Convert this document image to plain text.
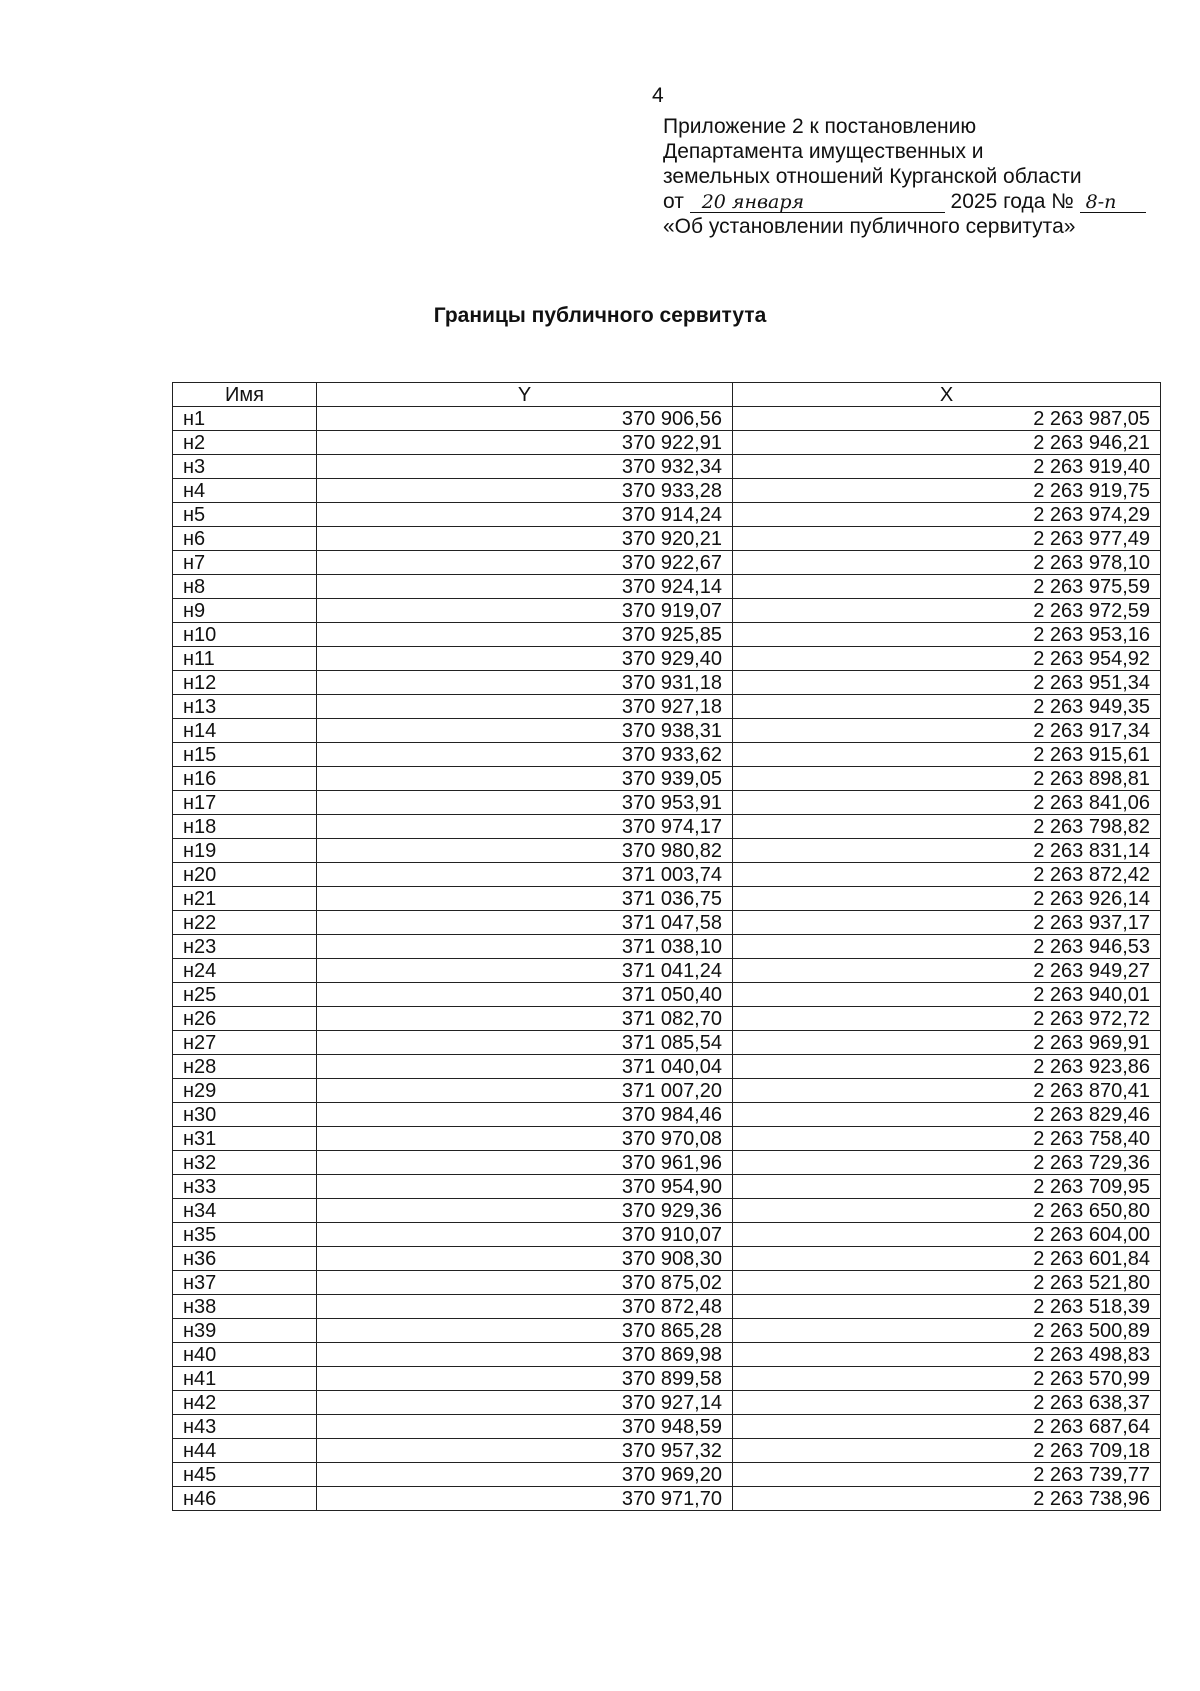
4
Приложение 2 к постановлению
Департамента имущественных и
земельных отношений Курганской области
от 20 января	2025 года № 8-п
«Об установлении публичного сервитута»
Границы публичного сервитута
Имя	Y	X
н1	370 906,56	2 263 987,05
н2	370 922,91	2 263 946,21
н3	370 932,34	2 263 919,40
н4	370 933,28	2 263 919,75
н5	370 914,24	2 263 974,29
н6	370 920,21	2 263 977,49
н7	370 922,67	2 263 978,10
н8	370 924,14	2 263 975,59
н9	370 919,07	2 263 972,59
н10	370 925,85	2 263 953,16
н11	370 929,40	2 263 954,92
н12	370 931,18	2 263 951,34
н13	370 927,18	2 263 949,35
н14	370 938,31	2 263 917,34
н15	370 933,62	2 263 915,61
н16	370 939,05	2 263 898,81
н17	370 953,91	2 263 841,06
н18	370 974,17	2 263 798,82
н19	370 980,82	2 263 831,14
н20	371 003,74	2 263 872,42
н21	371 036,75	2 263 926,14
н22	371 047,58	2 263 937,17
н23	371 038,10	2 263 946,53
н24	371 041,24	2 263 949,27
н25	371 050,40	2 263 940,01
н26	371 082,70	2 263 972,72
н27	371 085,54	2 263 969,91
н28	371 040,04	2 263 923,86
н29	371 007,20	2 263 870,41
н30	370 984,46	2 263 829,46
н31	370 970,08	2 263 758,40
н32	370 961,96	2 263 729,36
н33	370 954,90	2 263 709,95
н34	370 929,36	2 263 650,80
н35	370 910,07	2 263 604,00
н36	370 908,30	2 263 601,84
н37	370 875,02	2 263 521,80
н38	370 872,48	2 263 518,39
н39	370 865,28	2 263 500,89
н40	370 869,98	2 263 498,83
н41	370 899,58	2 263 570,99
н42	370 927,14	2 263 638,37
н43	370 948,59	2 263 687,64
н44	370 957,32	2 263 709,18
н45	370 969,20	2 263 739,77
н46	370 971,70	2 263 738,96
